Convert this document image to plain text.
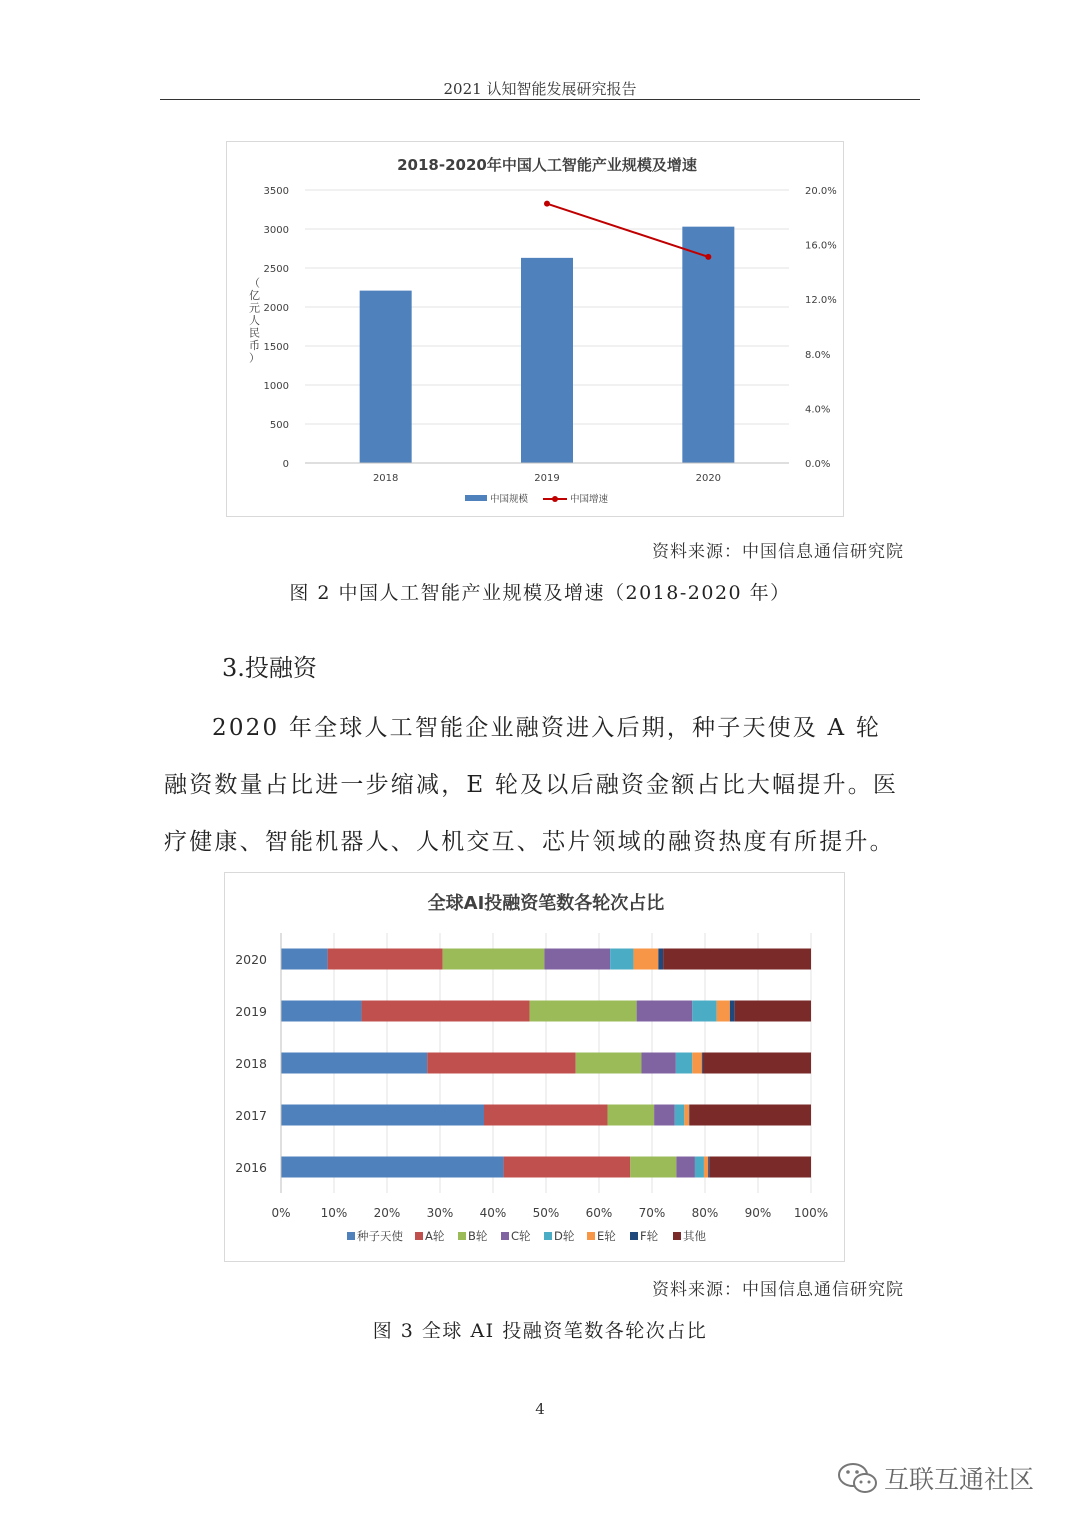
2021 认知智能发展研究报告
2018-2020年中国人工智能产业规模及增速
0
500
1000
1500
2000
2500
3000
3500
0.0%
4.0%
8.0%
12.0%
16.0%
20.0%
（亿元人民币）
2018	2019	2020
中国规模	中国增速
资料来源：中国信息通信研究院
图 2 中国人工智能产业规模及增速（2018-2020 年）
3.投融资
2020 年全球人工智能企业融资进入后期，种子天使及 A 轮融资数量占比进一步缩减，E 轮及以后融资金额占比大幅提升。医疗健康、智能机器人、人机交互、芯片领域的融资热度有所提升。
全球AI投融资笔数各轮次占比
0%	10% 20% 30% 40% 50% 60% 70% 80% 90% 100%
2020
2019
2018
2017
2016
种子天使 A轮 B轮 C轮 D轮 E轮 F轮 其他
资料来源：中国信息通信研究院
图 3 全球 AI 投融资笔数各轮次占比
4
互联互通社区
